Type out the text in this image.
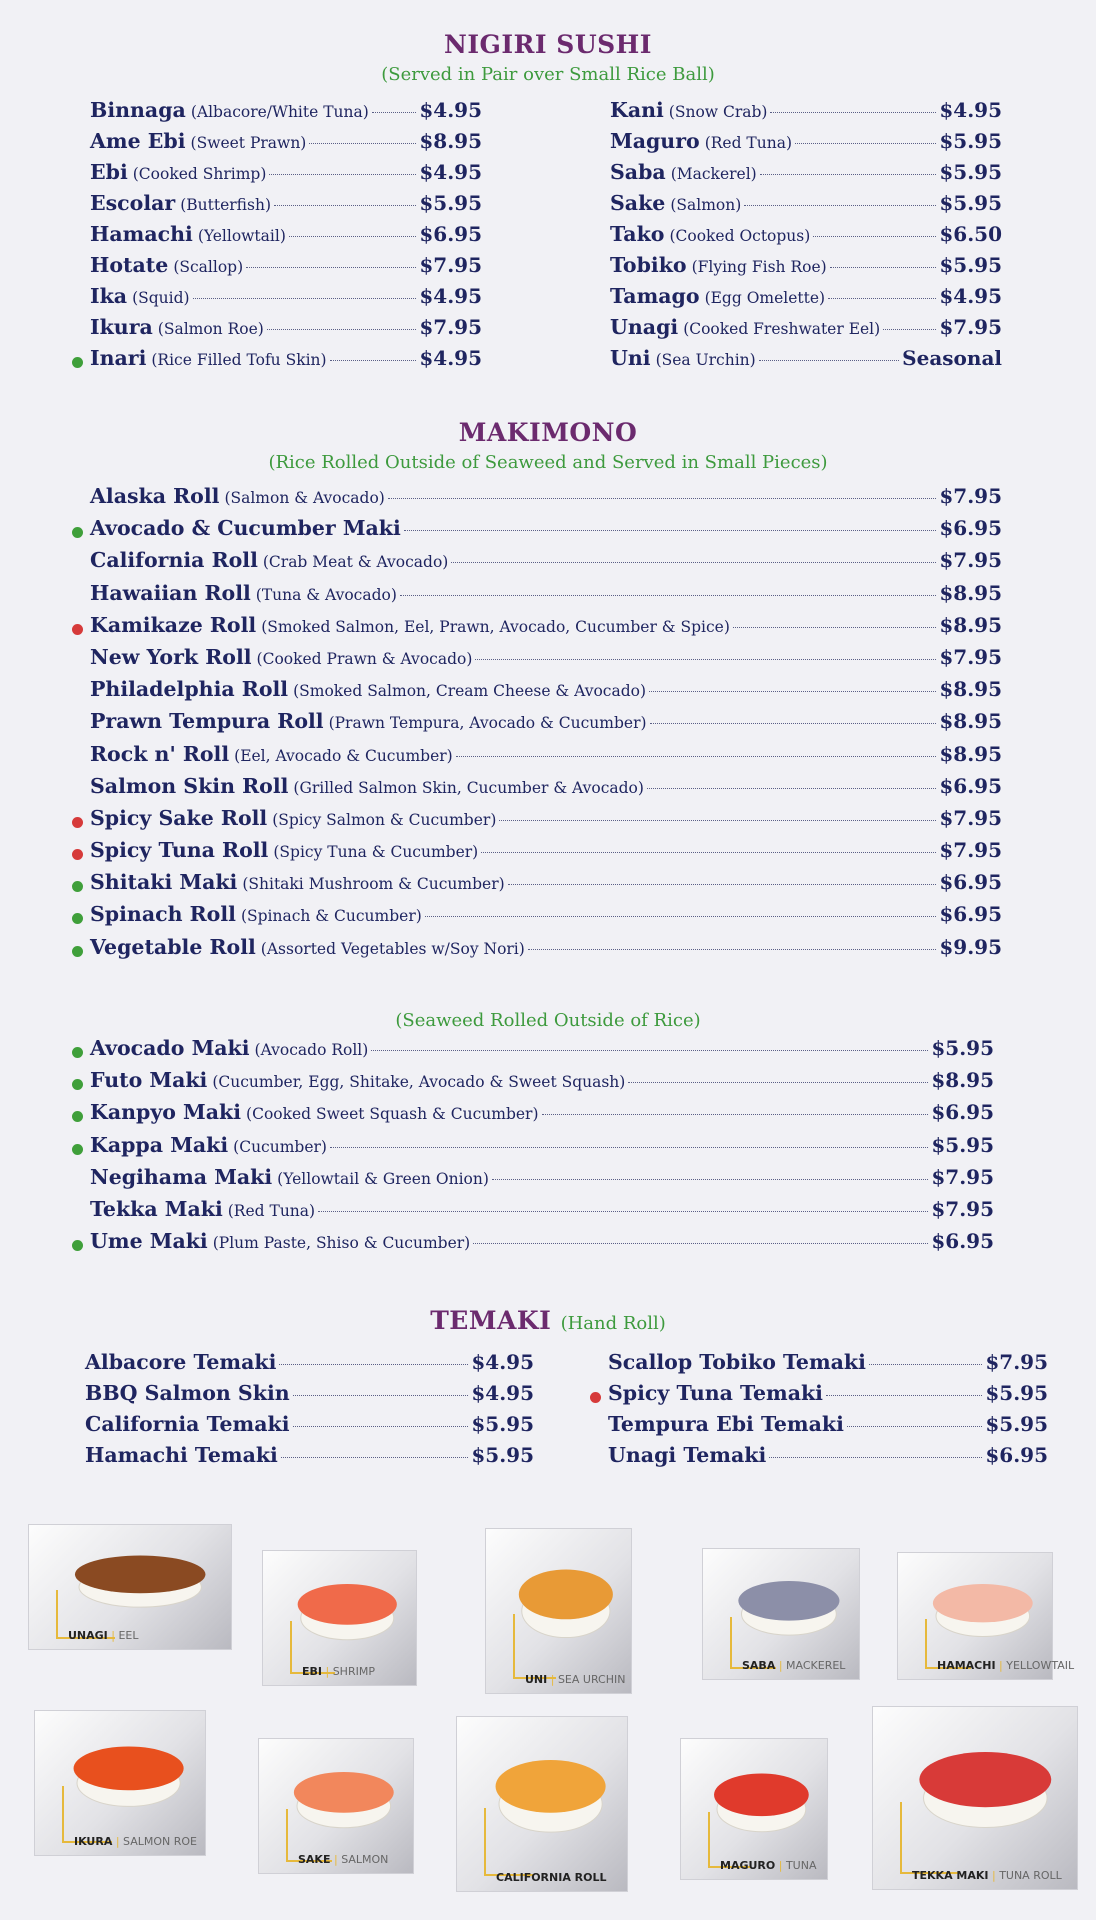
NIGIRI SUSHI
(Served in Pair over Small Rice Ball)
Binnaga (Albacore/White Tuna)	$4.95
Ame Ebi (Sweet Prawn)	$8.95
Ebi (Cooked Shrimp)	$4.95
Escolar (Butterfish)	$5.95
Hamachi (Yellowtail)	$6.95
Hotate (Scallop)	$7.95
Ika (Squid)	$4.95
Ikura (Salmon Roe)	$7.95
Inari (Rice Filled Tofu Skin)	$4.95
Kani (Snow Crab)	$4.95
Maguro (Red Tuna)	$5.95
Saba (Mackerel)	$5.95
Sake (Salmon)	$5.95
Tako (Cooked Octopus)	$6.50
Tobiko (Flying Fish Roe)	$5.95
Tamago (Egg Omelette)	$4.95
Unagi (Cooked Freshwater Eel)	$7.95
Uni (Sea Urchin)	Seasonal
MAKIMONO
(Rice Rolled Outside of Seaweed and Served in Small Pieces)
Alaska Roll (Salmon & Avocado)	$7.95
Avocado & Cucumber Maki	$6.95
California Roll (Crab Meat & Avocado)	$7.95
Hawaiian Roll (Tuna & Avocado)	$8.95
Kamikaze Roll (Smoked Salmon, Eel, Prawn, Avocado, Cucumber & Spice)	$8.95
New York Roll (Cooked Prawn & Avocado)	$7.95
Philadelphia Roll (Smoked Salmon, Cream Cheese & Avocado)	$8.95
Prawn Tempura Roll (Prawn Tempura, Avocado & Cucumber)	$8.95
Rock n' Roll (Eel, Avocado & Cucumber)	$8.95
Salmon Skin Roll (Grilled Salmon Skin, Cucumber & Avocado)	$6.95
Spicy Sake Roll (Spicy Salmon & Cucumber)	$7.95
Spicy Tuna Roll (Spicy Tuna & Cucumber)	$7.95
Shitaki Maki (Shitaki Mushroom & Cucumber)	$6.95
Spinach Roll (Spinach & Cucumber)	$6.95
Vegetable Roll (Assorted Vegetables w/Soy Nori)	$9.95
(Seaweed Rolled Outside of Rice)
Avocado Maki (Avocado Roll)	$5.95
Futo Maki (Cucumber, Egg, Shitake, Avocado & Sweet Squash)	$8.95
Kanpyo Maki (Cooked Sweet Squash & Cucumber)	$6.95
Kappa Maki (Cucumber)	$5.95
Negihama Maki (Yellowtail & Green Onion)	$7.95
Tekka Maki (Red Tuna)	$7.95
Ume Maki (Plum Paste, Shiso & Cucumber)	$6.95
TEMAKI (Hand Roll)
Albacore Temaki	$4.95
BBQ Salmon Skin	$4.95
California Temaki	$5.95
Hamachi Temaki	$5.95
Scallop Tobiko Temaki	$7.95
Spicy Tuna Temaki	$5.95
Tempura Ebi Temaki	$5.95
Unagi Temaki	$6.95
UNAGI | EEL
EBI | SHRIMP
UNI | SEA URCHIN
SABA | MACKEREL	HAMACHI | YELLOWTAIL
IKURA | SALMON ROE
SAKE | SALMON
CALIFORNIA ROLL
MAGURO | TUNA
TEKKA MAKI | TUNA ROLL
